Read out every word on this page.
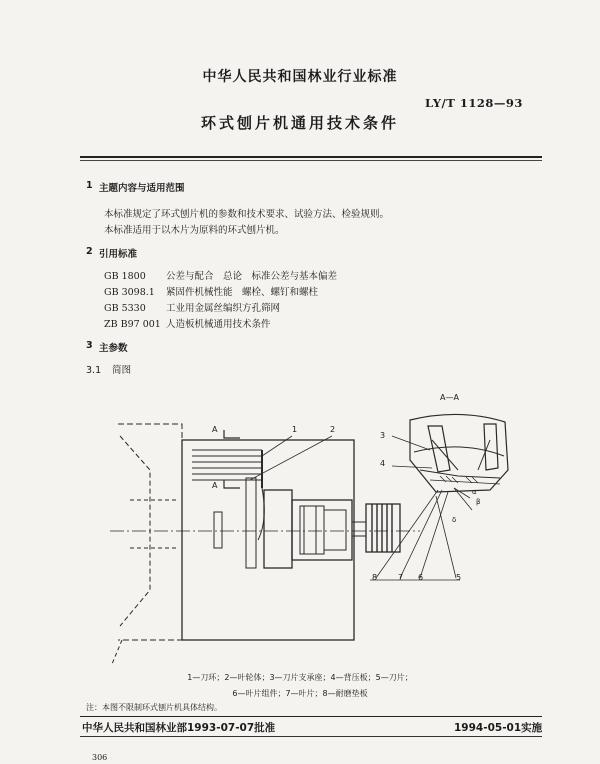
中华人民共和国林业行业标准
LY/T 1128—93
环式刨片机通用技术条件
1 主题内容与适用范围
本标准规定了环式刨片机的参数和技术要求、试验方法、检验规则。
本标准适用于以木片为原料的环式刨片机。
2 引用标准
GB 1800 公差与配合　总论　标准公差与基本偏差
GB 3098.1 紧固件机械性能　螺栓、螺钉和螺柱
GB 5330 工业用金属丝编织方孔筛网
ZB B97 001 人造板机械通用技术条件
3 主参数
3.1 简图
A—A
A
A
1	2
3
4
8	7 6	5
α
β
δ
1—刀环；2—叶轮体；3—刀片支承座；4—背压板；5—刀片；
6—叶片组件；7—叶片；8—耐磨垫板
注：本图不限制环式刨片机具体结构。
中华人民共和国林业部1993-07-07批准	1994-05-01实施
306
